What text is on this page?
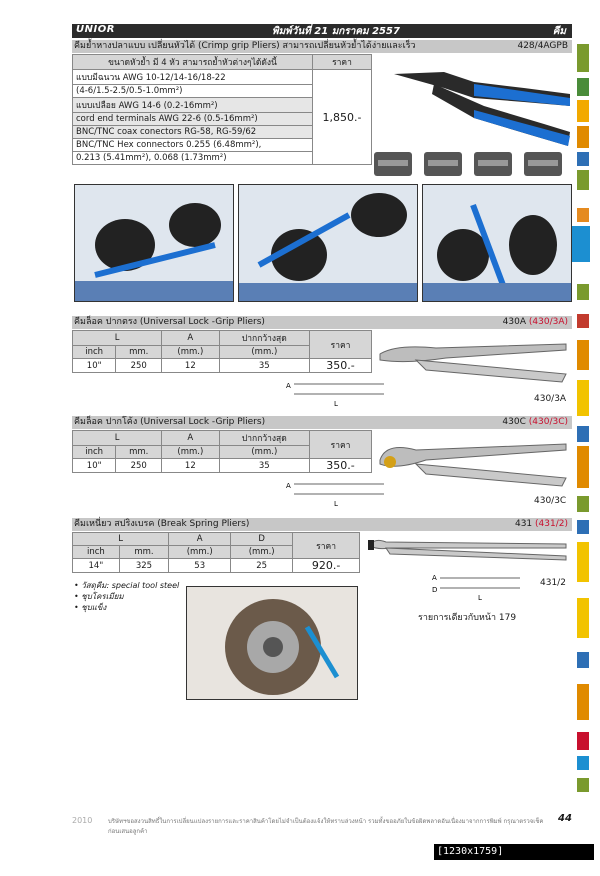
UNIOR	พิมพ์วันที่ 21 มกราคม 2557	คีม
คีมย้ำหางปลาแบบ เปลี่ยนหัวได้ (Crimp grip Pliers) สามารถเปลี่ยนหัวย้ำได้ง่ายและเร็ว	428/4AGPB
ขนาดหัวย้ำ มี 4 หัว สามารถย้ำหัวต่างๆได้ดังนี้	ราคา
แบบมีฉนวน AWG 10-12/14-16/18-22	1,850.-
(4-6/1.5-2.5/0.5-1.0mm²)	
แบบเปลือย AWG 14-6 (0.2-16mm²)	
cord end terminals AWG 22-6 (0.5-16mm²)	
BNC/TNC coax conectors RG-58, RG-59/62	
BNC/TNC Hex connectors 0.255 (6.48mm²),	
0.213 (5.41mm²), 0.068 (1.73mm²)	
คีมล็อค ปากตรง (Universal Lock -Grip Pliers)	430A (430/3A)
L		A	ปากกว้างสุด	ราคา
inch	mm.	(mm.)	(mm.)	
10"	250	12	35	350.-
A
L	430/3A
คีมล็อค ปากโค้ง (Universal Lock -Grip Pliers)	430C (430/3C)
L		A	ปากกว้างสุด	ราคา
inch	mm.	(mm.)	(mm.)	
10"	250	12	35	350.-
A
L	430/3C
คีมเหนี่ยว สปริงเบรค (Break Spring Pliers)	431 (431/2)
L		A	D	ราคา
inch	mm.	(mm.)	(mm.)	
14"	325	53	25	920.-
A
D
L
431/2
รายการเดียวกับหน้า 179
• วัสดุคีม: special tool steel
• ชุบโครเมียม
• ชุบแข็ง
2010	บริษัทฯขอสงวนสิทธิ์ในการเปลี่ยนแปลงรายการและราคาสินค้าโดยไม่จำเป็นต้องแจ้งให้ทราบล่วงหน้า รวมทั้งขออภัยในข้อผิดพลาดอันเนื่องมาจากการพิมพ์ กรุณาตรวจเช็คก่อนเสนอลูกค้า
44
[1230x1759] http://upic.me/
